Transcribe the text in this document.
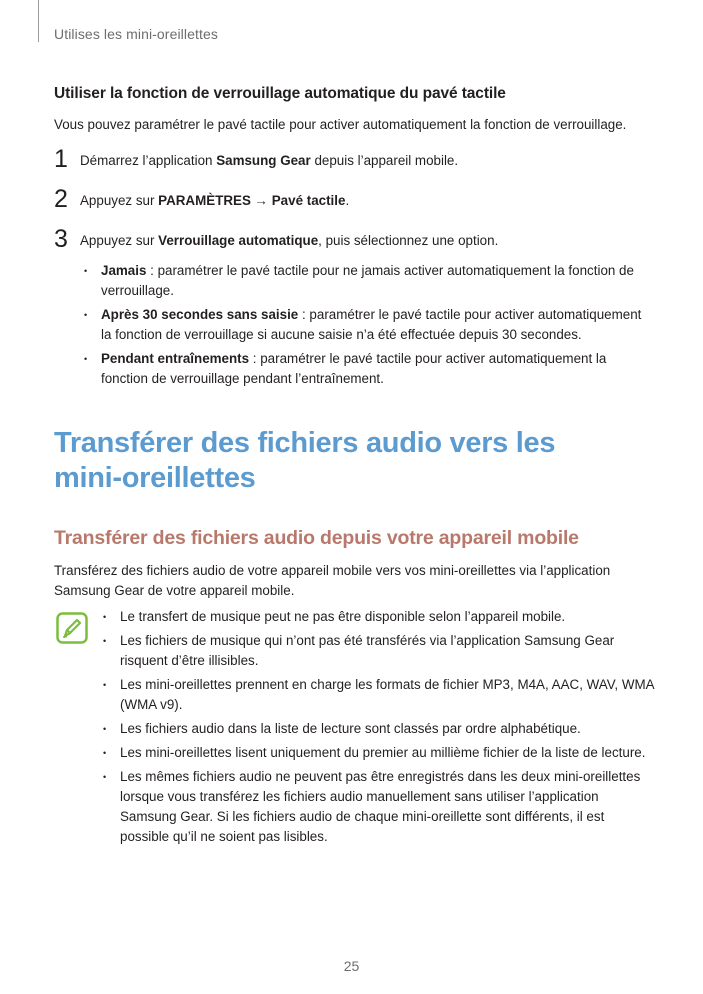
Utilises les mini-oreillettes
Utiliser la fonction de verrouillage automatique du pavé tactile
Vous pouvez paramétrer le pavé tactile pour activer automatiquement la fonction de verrouillage.
1 Démarrez l’application Samsung Gear depuis l’appareil mobile.
2 Appuyez sur PARAMÈTRES → Pavé tactile.
3 Appuyez sur Verrouillage automatique, puis sélectionnez une option.
• Jamais : paramétrer le pavé tactile pour ne jamais activer automatiquement la fonction de verrouillage.
• Après 30 secondes sans saisie : paramétrer le pavé tactile pour activer automatiquement la fonction de verrouillage si aucune saisie n’a été effectuée depuis 30 secondes.
• Pendant entraînements : paramétrer le pavé tactile pour activer automatiquement la fonction de verrouillage pendant l’entraînement.
Transférer des fichiers audio vers les mini-oreillettes
Transférer des fichiers audio depuis votre appareil mobile
Transférez des fichiers audio de votre appareil mobile vers vos mini-oreillettes via l’application Samsung Gear de votre appareil mobile.
• Le transfert de musique peut ne pas être disponible selon l’appareil mobile.
• Les fichiers de musique qui n’ont pas été transférés via l’application Samsung Gear risquent d’être illisibles.
• Les mini-oreillettes prennent en charge les formats de fichier MP3, M4A, AAC, WAV, WMA (WMA v9).
• Les fichiers audio dans la liste de lecture sont classés par ordre alphabétique.
• Les mini-oreillettes lisent uniquement du premier au millième fichier de la liste de lecture.
• Les mêmes fichiers audio ne peuvent pas être enregistrés dans les deux mini-oreillettes lorsque vous transférez les fichiers audio manuellement sans utiliser l’application Samsung Gear. Si les fichiers audio de chaque mini-oreillette sont différents, il est possible qu’il ne soient pas lisibles.
25
